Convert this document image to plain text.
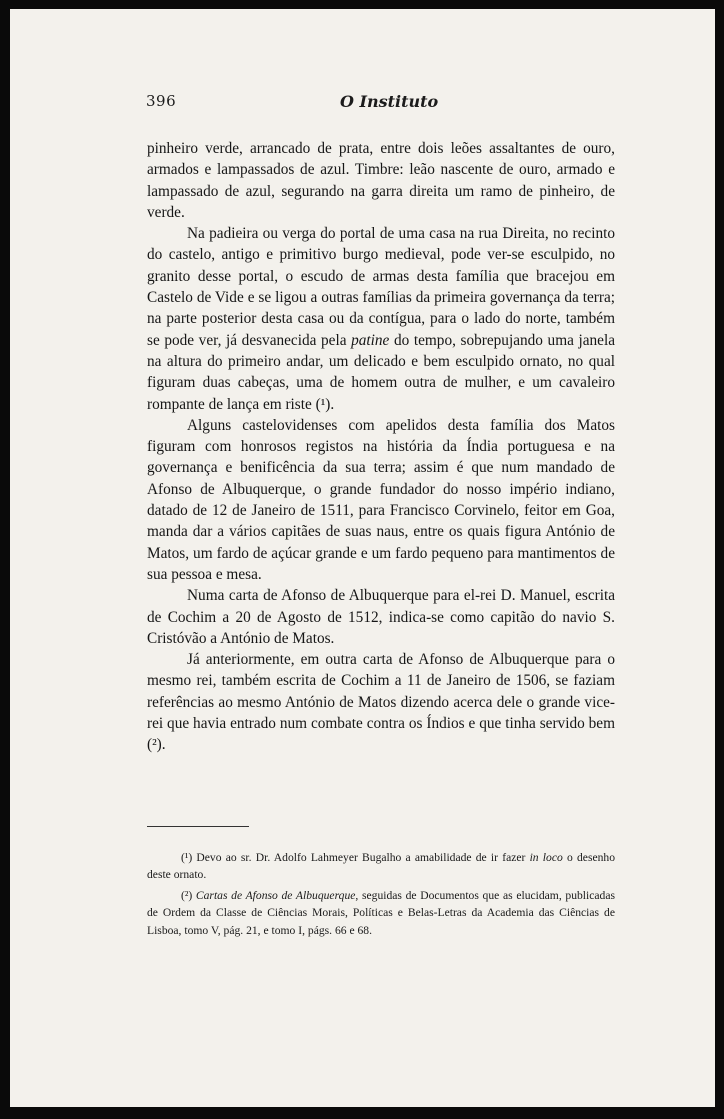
396	O Instituto

pinheiro verde, arrancado de prata, entre dois leões assaltantes de ouro, armados e lampassados de azul. Timbre: leão nascente de ouro, armado e lampassado de azul, segurando na garra direita um ramo de pinheiro, de verde.

Na padieira ou verga do portal de uma casa na rua Direita, no recinto do castelo, antigo e primitivo burgo medieval, pode ver-se esculpido, no granito desse portal, o escudo de armas desta família que bracejou em Castelo de Vide e se ligou a outras famílias da primeira governança da terra; na parte posterior desta casa ou da contígua, para o lado do norte, também se pode ver, já desvanecida pela patine do tempo, sobrepujando uma janela na altura do primeiro andar, um delicado e bem esculpido ornato, no qual figuram duas cabeças, uma de homem outra de mulher, e um cavaleiro rompante de lança em riste (¹).

Alguns castelovidenses com apelidos desta família dos Matos figuram com honrosos registos na história da Índia portuguesa e na governança e benificência da sua terra; assim é que num mandado de Afonso de Albuquerque, o grande fundador do nosso império indiano, datado de 12 de Janeiro de 1511, para Francisco Corvinelo, feitor em Goa, manda dar a vários capitães de suas naus, entre os quais figura António de Matos, um fardo de açúcar grande e um fardo pequeno para mantimentos de sua pessoa e mesa.

Numa carta de Afonso de Albuquerque para el-rei D. Manuel, escrita de Cochim a 20 de Agosto de 1512, indica-se como capitão do navio S. Cristóvão a António de Matos.

Já anteriormente, em outra carta de Afonso de Albuquerque para o mesmo rei, também escrita de Cochim a 11 de Janeiro de 1506, se faziam referências ao mesmo António de Matos dizendo acerca dele o grande vice-rei que havia entrado num combate contra os Índios e que tinha servido bem (²).

(¹) Devo ao sr. Dr. Adolfo Lahmeyer Bugalho a amabilidade de ir fazer in loco o desenho deste ornato.

(²) Cartas de Afonso de Albuquerque, seguidas de Documentos que as elucidam, publicadas de Ordem da Classe de Ciências Morais, Políticas e Belas-Letras da Academia das Ciências de Lisboa, tomo V, pág. 21, e tomo I, págs. 66 e 68.
